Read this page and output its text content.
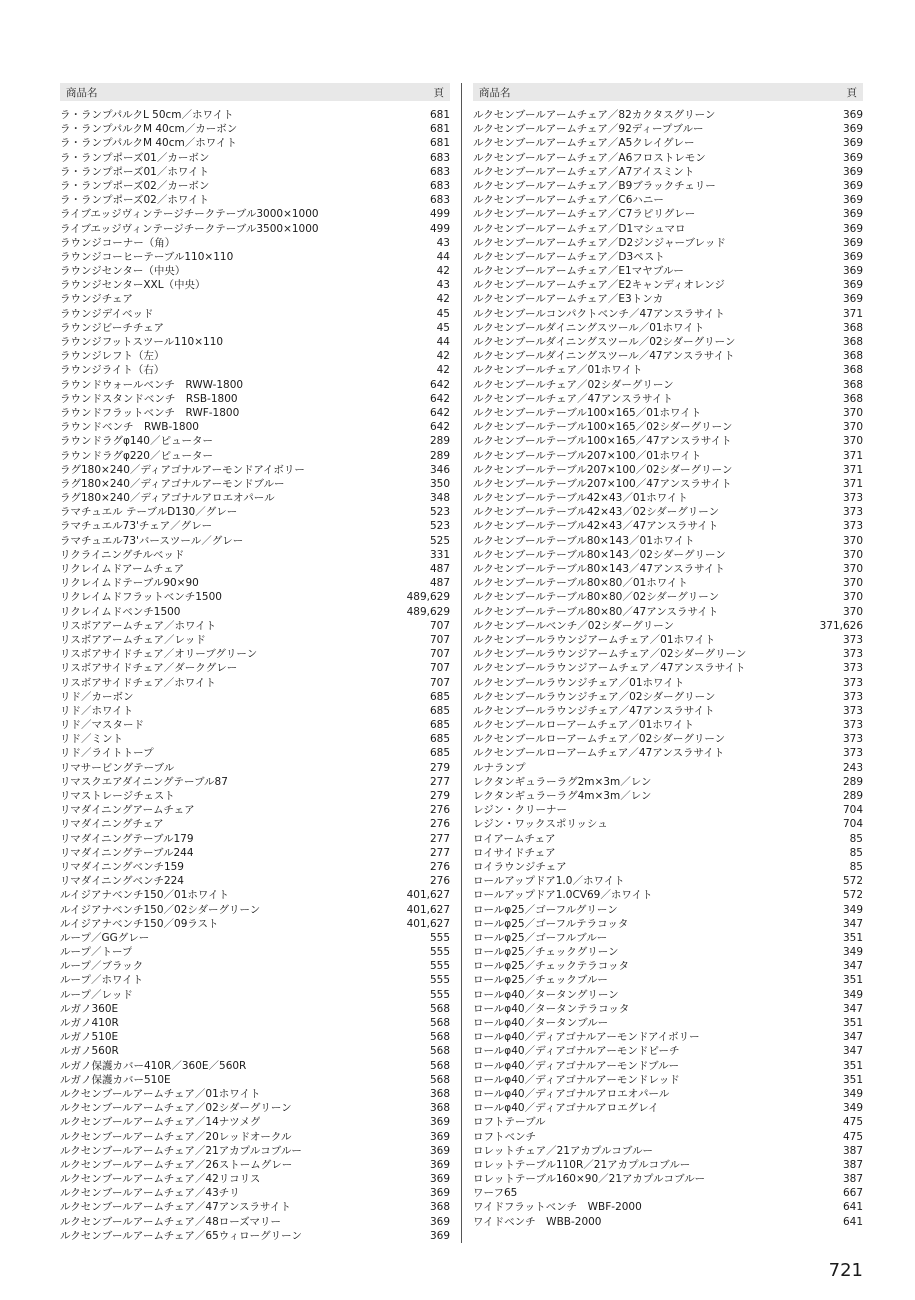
商品名	頁
ラ・ランプパルクL 50cm／ホワイト	681
ラ・ランプパルクM 40cm／カーボン	681
ラ・ランプパルクM 40cm／ホワイト	681
ラ・ランプポーズ01／カーボン	683
ラ・ランプポーズ01／ホワイト	683
ラ・ランプポーズ02／カーボン	683
ラ・ランプポーズ02／ホワイト	683
ライブエッジヴィンテージチークテーブル3000×1000	499
ライブエッジヴィンテージチークテーブル3500×1000	499
ラウンジコーナー（角）	43
ラウンジコーヒーテーブル110×110	44
ラウンジセンター（中央）	42
ラウンジセンターXXL（中央）	43
ラウンジチェア	42
ラウンジデイベッド	45
ラウンジビーチチェア	45
ラウンジフットスツール110×110	44
ラウンジレフト（左）	42
ラウンジライト（右）	42
ラウンドウォールベンチ　RWW-1800	642
ラウンドスタンドベンチ　RSB-1800	642
ラウンドフラットベンチ　RWF-1800	642
ラウンドベンチ　RWB-1800	642
ラウンドラグφ140／ピューター	289
ラウンドラグφ220／ピューター	289
ラグ180×240／ディアゴナルアーモンドアイボリー	346
ラグ180×240／ディアゴナルアーモンドブルー	350
ラグ180×240／ディアゴナルアロエオパール	348
ラマチュエル テーブルD130／グレー	523
ラマチュエル73'チェア／グレー	523
ラマチュエル73'バースツール／グレー	525
リクライニングチルベッド	331
リクレイムドアームチェア	487
リクレイムドテーブル90×90	487
リクレイムドフラットベンチ1500	489,629
リクレイムドベンチ1500	489,629
リスボアアームチェア／ホワイト	707
リスボアアームチェア／レッド	707
リスボアサイドチェア／オリーブグリーン	707
リスボアサイドチェア／ダークグレー	707
リスボアサイドチェア／ホワイト	707
リド／カーボン	685
リド／ホワイト	685
リド／マスタード	685
リド／ミント	685
リド／ライトトープ	685
リマサービングテーブル	279
リマスクエアダイニングテーブル87	277
リマストレージチェスト	279
リマダイニングアームチェア	276
リマダイニングチェア	276
リマダイニングテーブル179	277
リマダイニングテーブル244	277
リマダイニングベンチ159	276
リマダイニングベンチ224	276
ルイジアナベンチ150／01ホワイト	401,627
ルイジアナベンチ150／02シダーグリーン	401,627
ルイジアナベンチ150／09ラスト	401,627
ループ／GGグレー	555
ループ／トープ	555
ループ／ブラック	555
ループ／ホワイト	555
ループ／レッド	555
ルガノ360E	568
ルガノ410R	568
ルガノ510E	568
ルガノ560R	568
ルガノ保護カバー410R／360E／560R	568
ルガノ保護カバー510E	568
ルクセンブールアームチェア／01ホワイト	368
ルクセンブールアームチェア／02シダーグリーン	368
ルクセンブールアームチェア／14ナツメグ	369
ルクセンブールアームチェア／20レッドオークル	369
ルクセンブールアームチェア／21アカプルコブルー	369
ルクセンブールアームチェア／26ストームグレー	369
ルクセンブールアームチェア／42リコリス	369
ルクセンブールアームチェア／43チリ	369
ルクセンブールアームチェア／47アンスラサイト	368
ルクセンブールアームチェア／48ローズマリー	369
ルクセンブールアームチェア／65ウィローグリーン	369
商品名	頁
ルクセンブールアームチェア／82カクタスグリーン	369
ルクセンブールアームチェア／92ディープブルー	369
ルクセンブールアームチェア／A5クレイグレー	369
ルクセンブールアームチェア／A6フロストレモン	369
ルクセンブールアームチェア／A7アイスミント	369
ルクセンブールアームチェア／B9ブラックチェリー	369
ルクセンブールアームチェア／C6ハニー	369
ルクセンブールアームチェア／C7ラピリグレー	369
ルクセンブールアームチェア／D1マシュマロ	369
ルクセンブールアームチェア／D2ジンジャーブレッド	369
ルクセンブールアームチェア／D3ペスト	369
ルクセンブールアームチェア／E1マヤブルー	369
ルクセンブールアームチェア／E2キャンディオレンジ	369
ルクセンブールアームチェア／E3トンカ	369
ルクセンブールコンパクトベンチ／47アンスラサイト	371
ルクセンブールダイニングスツール／01ホワイト	368
ルクセンブールダイニングスツール／02シダーグリーン	368
ルクセンブールダイニングスツール／47アンスラサイト	368
ルクセンブールチェア／01ホワイト	368
ルクセンブールチェア／02シダーグリーン	368
ルクセンブールチェア／47アンスラサイト	368
ルクセンブールテーブル100×165／01ホワイト	370
ルクセンブールテーブル100×165／02シダーグリーン	370
ルクセンブールテーブル100×165／47アンスラサイト	370
ルクセンブールテーブル207×100／01ホワイト	371
ルクセンブールテーブル207×100／02シダーグリーン	371
ルクセンブールテーブル207×100／47アンスラサイト	371
ルクセンブールテーブル42×43／01ホワイト	373
ルクセンブールテーブル42×43／02シダーグリーン	373
ルクセンブールテーブル42×43／47アンスラサイト	373
ルクセンブールテーブル80×143／01ホワイト	370
ルクセンブールテーブル80×143／02シダーグリーン	370
ルクセンブールテーブル80×143／47アンスラサイト	370
ルクセンブールテーブル80×80／01ホワイト	370
ルクセンブールテーブル80×80／02シダーグリーン	370
ルクセンブールテーブル80×80／47アンスラサイト	370
ルクセンブールベンチ／02シダーグリーン	371,626
ルクセンブールラウンジアームチェア／01ホワイト	373
ルクセンブールラウンジアームチェア／02シダーグリーン	373
ルクセンブールラウンジアームチェア／47アンスラサイト	373
ルクセンブールラウンジチェア／01ホワイト	373
ルクセンブールラウンジチェア／02シダーグリーン	373
ルクセンブールラウンジチェア／47アンスラサイト	373
ルクセンブールローアームチェア／01ホワイト	373
ルクセンブールローアームチェア／02シダーグリーン	373
ルクセンブールローアームチェア／47アンスラサイト	373
ルナランプ	243
レクタンギュラーラグ2m×3m／レン	289
レクタンギュラーラグ4m×3m／レン	289
レジン・クリーナー	704
レジン・ワックスポリッシュ	704
ロイアームチェア	85
ロイサイドチェア	85
ロイラウンジチェア	85
ロールアップドア1.0／ホワイト	572
ロールアップドア1.0CV69／ホワイト	572
ロールφ25／ゴーフルグリーン	349
ロールφ25／ゴーフルテラコッタ	347
ロールφ25／ゴーフルブルー	351
ロールφ25／チェックグリーン	349
ロールφ25／チェックテラコッタ	347
ロールφ25／チェックブルー	351
ロールφ40／タータングリーン	349
ロールφ40／タータンテラコッタ	347
ロールφ40／タータンブルー	351
ロールφ40／ディアゴナルアーモンドアイボリー	347
ロールφ40／ディアゴナルアーモンドピーチ	347
ロールφ40／ディアゴナルアーモンドブルー	351
ロールφ40／ディアゴナルアーモンドレッド	351
ロールφ40／ディアゴナルアロエオパール	349
ロールφ40／ディアゴナルアロエグレイ	349
ロフトテーブル	475
ロフトベンチ	475
ロレットチェア／21アカプルコブルー	387
ロレットテーブル110R／21アカプルコブルー	387
ロレットテーブル160×90／21アカプルコブルー	387
ワーフ65	667
ワイドフラットベンチ　WBF-2000	641
ワイドベンチ　WBB-2000	641
721
